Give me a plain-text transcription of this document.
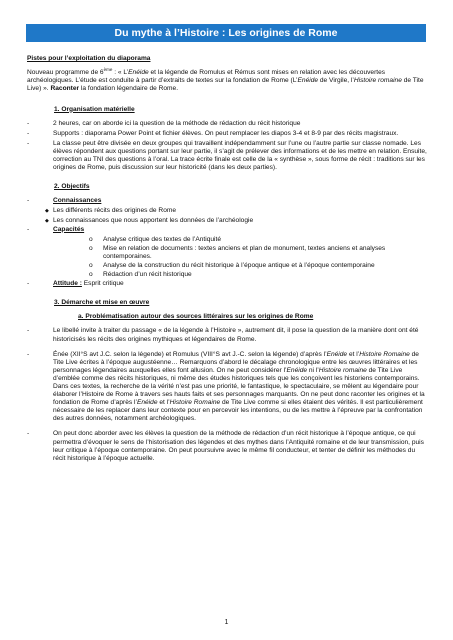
Du mythe à l’Histoire : Les origines de Rome

Pistes pour l’exploitation du diaporama

Nouveau programme de 6ème : « L’Enéide et la légende de Romulus et Rémus sont mises en relation avec les découvertes archéologiques. L’étude est conduite à partir d’extraits de textes sur la fondation de Rome (L’Enéide de Virgile, l’Histoire romaine de Tite Live) ». Raconter la fondation légendaire de Rome.

1. Organisation matérielle

-	2 heures, car on aborde ici la question de la méthode de rédaction du récit historique
-	Supports : diaporama Power Point et fichier élèves. On peut remplacer les diapos 3-4 et 8-9 par des récits magistraux.
-	La classe peut être divisée en deux groupes qui travaillent indépendamment sur l’une ou l’autre partie sur classe nomade. Les élèves répondent aux questions portant sur leur partie, il s’agit de prélever des informations et de les mettre en relation. Ensuite, correction au TNI des questions à l’oral. La trace écrite finale est celle de la « synthèse », sous forme de récit : traditions sur les origines de Rome, puis discussion sur leur historicité (dans les deux parties).

2. Objectifs

-	Connaissances
◆ Les différents récits des origines de Rome
◆ Les connaissances que nous apportent les données de l’archéologie
-	Capacités
o Analyse critique des textes de l’Antiquité
o Mise en relation de documents : textes anciens et plan de monument, textes anciens et analyses contemporaines.
o Analyse de la construction du récit historique à l’époque antique et à l’époque contemporaine
o Rédaction d’un récit historique
-	Attitude : Esprit critique

3. Démarche et mise en œuvre

a. Problématisation autour des sources littéraires sur les origines de Rome

-	Le libellé invite à traiter du passage « de la légende à l’Histoire », autrement dit, il pose la question de la manière dont ont été historicisés les récits des origines mythiques et légendaires de Rome.
-	Énée (XII°S avt J.C. selon la légende) et Romulus (VIII°S avt J.-C. selon la légende) d’après l’Enéide et l’Histoire Romaine de Tite Live écrites à l’époque augustéenne… Remarquons d’abord le décalage chronologique entre les œuvres littéraires et les personnages légendaires auxquelles elles font allusion. On ne peut considérer l’Enéide ni l’Histoire romaine de Tite Live d’emblée comme des récits historiques, ni même des études historiques tels que les conçoivent les historiens contemporains. Dans ces textes, la recherche de la vérité n’est pas une priorité, le fantastique, le spectaculaire, se mêlent au légendaire pour élaborer l’Histoire de Rome à travers ses hauts faits et ses personnages marquants. On ne peut donc raconter les origines et la fondation de Rome d’après l’Enéide et l’Histoire Romaine de Tite Live comme si elles étaient des vérités. Il est particulièrement nécessaire de les replacer dans leur contexte pour en percevoir les intentions, ou de les mettre à l’épreuve par la confrontation des autres données, notamment archéologiques.
-	On peut donc aborder avec les élèves la question de la méthode de rédaction d’un récit historique à l’époque antique, ce qui permettra d’évoquer le sens de l’historisation des légendes et des mythes dans l’Antiquité romaine et de leur transmission, puis leur critique à l’époque contemporaine. On peut poursuivre avec le même fil conducteur, et tenter de définir les méthodes du récit historique à l’époque actuelle.
1
